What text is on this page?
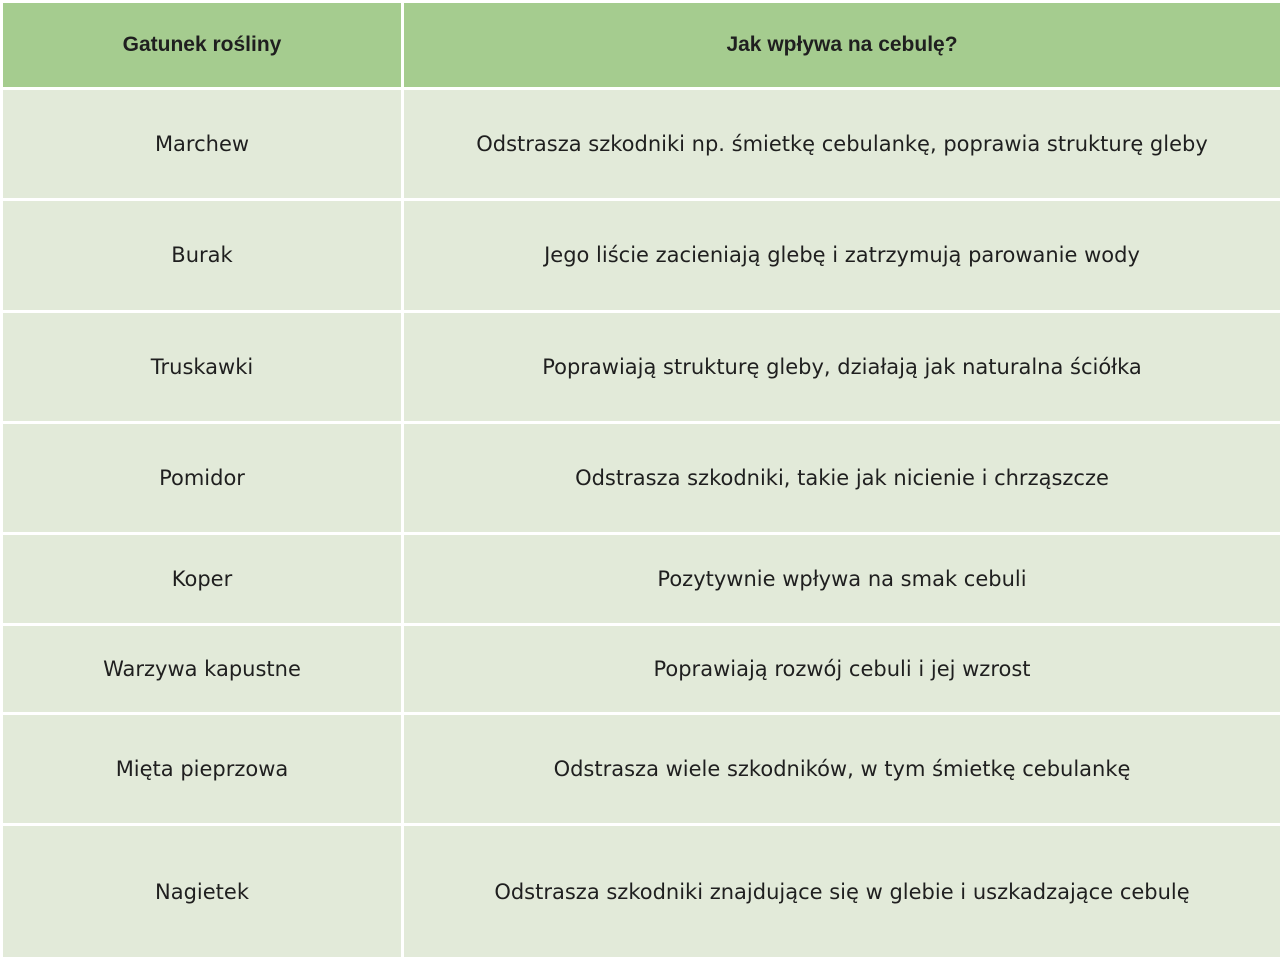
Gatunek rośliny	Jak wpływa na cebulę?
Marchew	Odstrasza szkodniki np. śmietkę cebulankę, poprawia strukturę gleby
Burak	Jego liście zacieniają glebę i zatrzymują parowanie wody
Truskawki	Poprawiają strukturę gleby, działają jak naturalna ściółka
Pomidor	Odstrasza szkodniki, takie jak nicienie i chrząszcze
Koper	Pozytywnie wpływa na smak cebuli
Warzywa kapustne	Poprawiają rozwój cebuli i jej wzrost
Mięta pieprzowa	Odstrasza wiele szkodników, w tym śmietkę cebulankę
Nagietek	Odstrasza szkodniki znajdujące się w glebie i uszkadzające cebulę
